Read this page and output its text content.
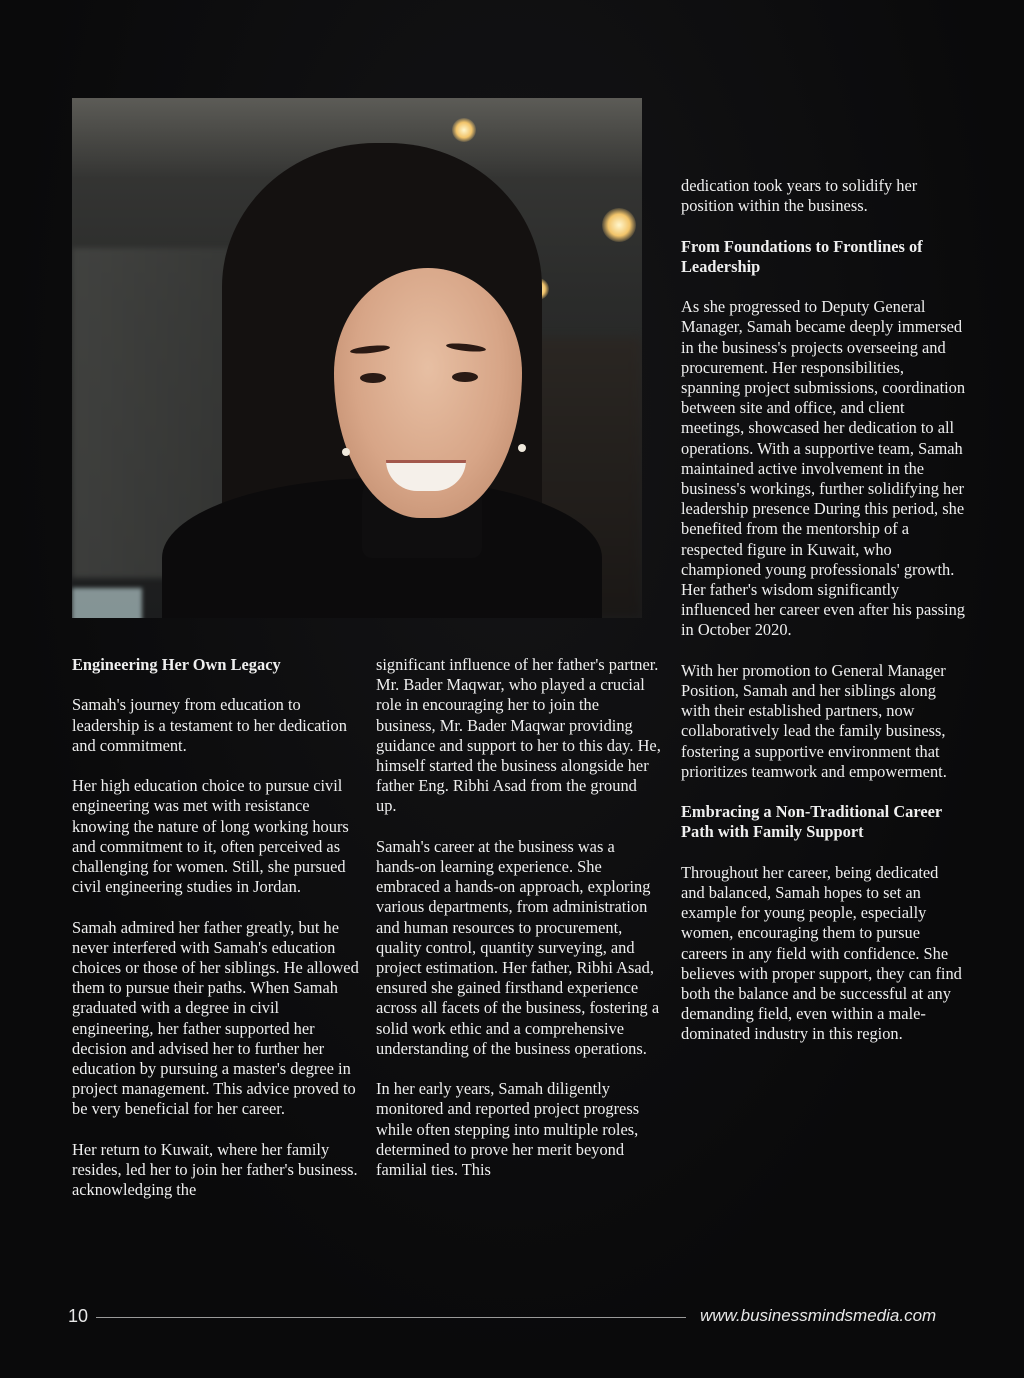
Engineering Her Own Legacy

Samah's journey from education to leadership is a testament to her dedication and commitment.

Her high education choice to pursue civil engineering was met with resistance knowing the nature of long working hours and commitment to it, often perceived as challenging for women. Still, she pursued civil engineering studies in Jordan.

Samah admired her father greatly, but he never interfered with Samah's education choices or those of her siblings. He allowed them to pursue their paths. When Samah graduated with a degree in civil engineering, her father supported her decision and advised her to further her education by pursuing a master's degree in project management. This advice proved to be very beneficial for her career.

Her return to Kuwait, where her family resides, led her to join her father's business. acknowledging the

significant influence of her father's partner. Mr. Bader Maqwar, who played a crucial role in encouraging her to join the business, Mr. Bader Maqwar providing guidance and support to her to this day. He, himself started the business alongside her father Eng. Ribhi Asad from the ground up.

Samah's career at the business was a hands-on learning experience. She embraced a hands-on approach, exploring various departments, from administration and human resources to procurement, quality control, quantity surveying, and project estimation. Her father, Ribhi Asad, ensured she gained firsthand experience across all facets of the business, fostering a solid work ethic and a comprehensive understanding of the business operations.

In her early years, Samah diligently monitored and reported project progress while often stepping into multiple roles, determined to prove her merit beyond familial ties. This

dedication took years to solidify her position within the business.

From Foundations to Frontlines of Leadership

As she progressed to Deputy General Manager, Samah became deeply immersed in the business's projects overseeing and procurement. Her responsibilities, spanning project submissions, coordination between site and office, and client meetings, showcased her dedication to all operations. With a supportive team, Samah maintained active involvement in the business's workings, further solidifying her leadership presence During this period, she benefited from the mentorship of a respected figure in Kuwait, who championed young professionals' growth. Her father's wisdom significantly influenced her career even after his passing in October 2020.

With her promotion to General Manager Position, Samah and her siblings along with their established partners, now collaboratively lead the family business, fostering a supportive environment that prioritizes teamwork and empowerment.

Embracing a Non-Traditional Career Path with Family Support

Throughout her career, being dedicated and balanced, Samah hopes to set an example for young people, especially women, encouraging them to pursue careers in any field with confidence. She believes with proper support, they can find both the balance and be successful at any demanding field, even within a male-dominated industry in this region.

10	www.businessmindsmedia.com
